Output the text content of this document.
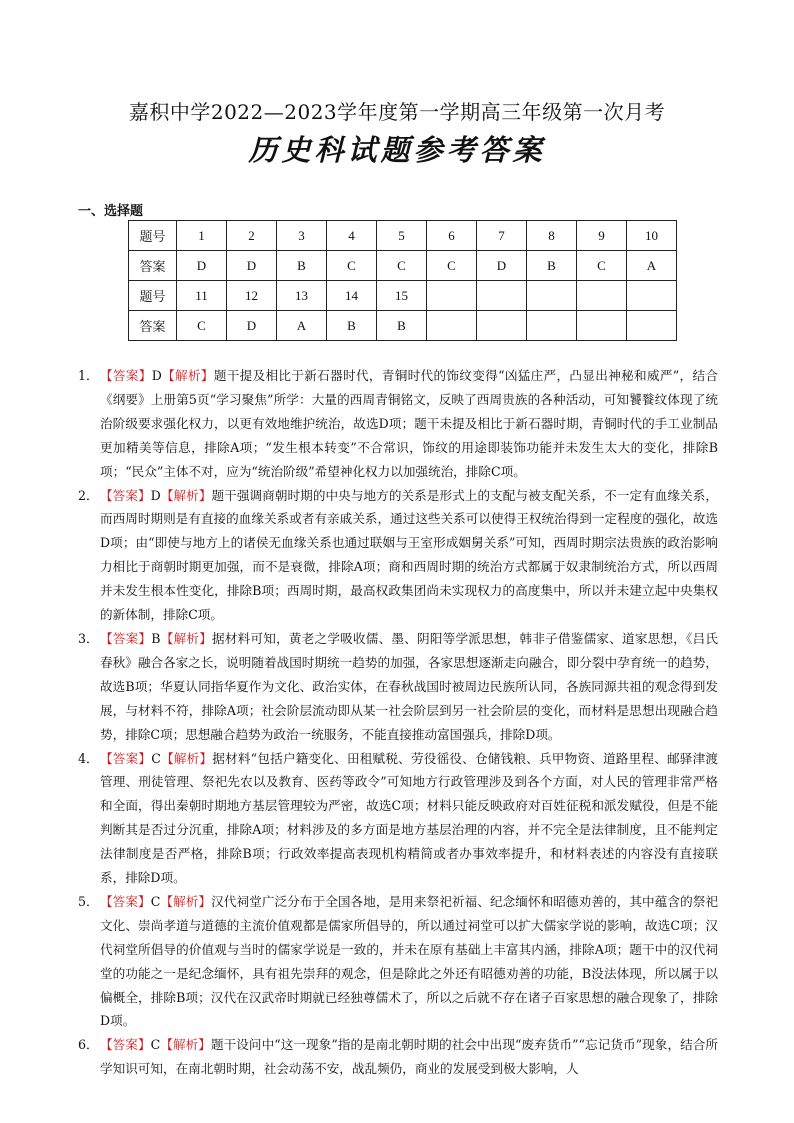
嘉积中学2022—2023学年度第一学期高三年级第一次月考
历史科试题参考答案
一、选择题
题号	1	2	3	4	5	6	7	8	9	10
答案	D	D	B	C	C	C	D	B	C	A
题号	11	12	13	14	15					
答案	C	D	A	B	B					
1． 【答案】D【解析】题干提及相比于新石器时代，青铜时代的饰纹变得“凶猛庄严，凸显出神秘和威严”，结合《纲要》上册第5页“学习聚焦”所学：大量的西周青铜铭文，反映了西周贵族的各种活动，可知饕餮纹体现了统治阶级要求强化权力，以更有效地维护统治，故选D项；题干未提及相比于新石器时期，青铜时代的手工业制品更加精美等信息，排除A项；“发生根本转变”不合常识，饰纹的用途即装饰功能并未发生太大的变化，排除B项；“民众”主体不对，应为“统治阶级”希望神化权力以加强统治，排除C项。
2． 【答案】D【解析】题干强调商朝时期的中央与地方的关系是形式上的支配与被支配关系，不一定有血缘关系，而西周时期则是有直接的血缘关系或者有亲戚关系，通过这些关系可以使得王权统治得到一定程度的强化，故选D项；由“即使与地方上的诸侯无血缘关系也通过联姻与王室形成姻舅关系”可知，西周时期宗法贵族的政治影响力相比于商朝时期更加强，而不是衰微，排除A项；商和西周时期的统治方式都属于奴隶制统治方式，所以西周并未发生根本性变化，排除B项；西周时期，最高权政集团尚未实现权力的高度集中，所以并未建立起中央集权的新体制，排除C项。
3． 【答案】B【解析】据材料可知，黄老之学吸收儒、墨、阴阳等学派思想，韩非子借鉴儒家、道家思想，《吕氏春秋》融合各家之长，说明随着战国时期统一趋势的加强，各家思想逐渐走向融合，即分裂中孕育统一的趋势，故选B项；华夏认同指华夏作为文化、政治实体，在春秋战国时被周边民族所认同，各族同源共祖的观念得到发展，与材料不符，排除A项；社会阶层流动即从某一社会阶层到另一社会阶层的变化，而材料是思想出现融合趋势，排除C项；思想融合趋势为政治一统服务，不能直接推动富国强兵，排除D项。
4． 【答案】C【解析】据材料“包括户籍变化、田租赋税、劳役徭役、仓储钱粮、兵甲物资、道路里程、邮驿津渡管理、刑徒管理、祭祀先农以及教育、医药等政令”可知地方行政管理涉及到各个方面，对人民的管理非常严格和全面，得出秦朝时期地方基层管理较为严密，故选C项；材料只能反映政府对百姓征税和派发赋役，但是不能判断其是否过分沉重，排除A项；材料涉及的多方面是地方基层治理的内容，并不完全是法律制度，且不能判定法律制度是否严格，排除B项；行政效率提高表现机构精简或者办事效率提升，和材料表述的内容没有直接联系，排除D项。
5． 【答案】C【解析】汉代祠堂广泛分布于全国各地，是用来祭祀祈福、纪念缅怀和昭德劝善的，其中蕴含的祭祀文化、崇尚孝道与道德的主流价值观都是儒家所倡导的，所以通过祠堂可以扩大儒家学说的影响，故选C项；汉代祠堂所倡导的价值观与当时的儒家学说是一致的，并未在原有基础上丰富其内涵，排除A项；题干中的汉代祠堂的功能之一是纪念缅怀，具有祖先崇拜的观念，但是除此之外还有昭德劝善的功能，B没法体现，所以属于以偏概全，排除B项；汉代在汉武帝时期就已经独尊儒术了，所以之后就不存在诸子百家思想的融合现象了，排除D项。
6． 【答案】C【解析】题干设问中“这一现象”指的是南北朝时期的社会中出现“废弃货币”“忘记货币”现象，结合所学知识可知，在南北朝时期，社会动荡不安，战乱频仍，商业的发展受到极大影响，人
